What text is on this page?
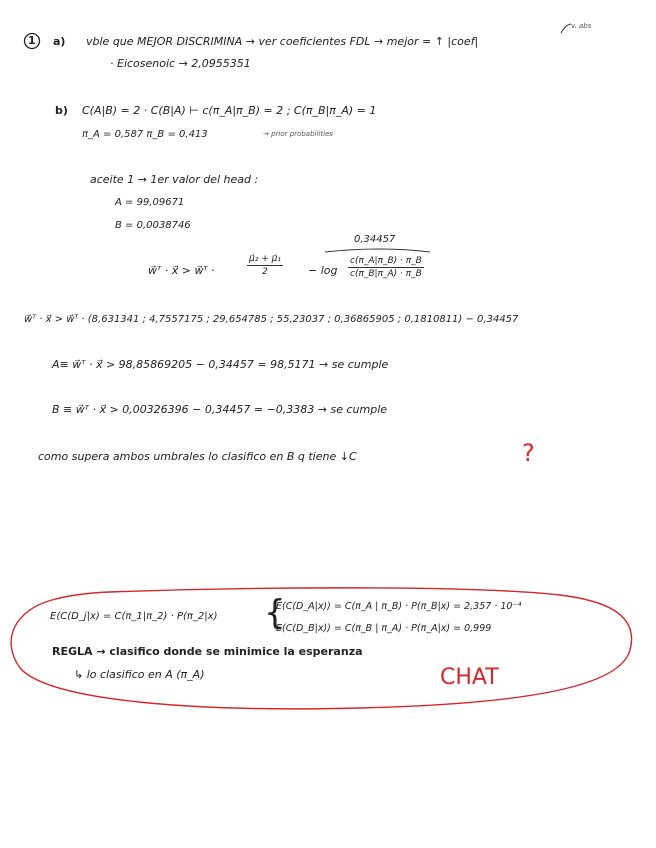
1 a) vble que MEJOR DISCRIMINA → ver coeficientes FDL → mejor = ↑ |coef|
v. abs
· Eicosenoic → 2,0955351
b) C(A|B) = 2 · C(B|A) ⊢ c(π_A|π_B) = 2 ; C(π_B|π_A) = 1
π_A = 0,587 π_B = 0,413	→ prior probabilities
aceite 1 → 1er valor del head :
A = 99,09671
B = 0,0038746
0,34457
w⃗ᵀ · x⃗ > w⃗ᵀ ·	$\frac{\text{μ⃗₂ + μ⃗₁}}{2} - \log \frac{c(\pi\_A|\pi\_B) \cdot \pi\_B}{c(\pi\_B|\pi\_A) \cdot \pi\_B}$
w⃗ᵀ · x⃗ > w⃗ᵀ · (8,631341 ; 4,7557175 ; 29,654785 ; 55,23037 ; 0,36865905 ; 0,1810811) − 0,34457
A≡ w⃗ᵀ · x⃗ > 98,85869205 − 0,34457 = 98,5171 → se cumple
B ≡ w⃗ᵀ · x⃗ > 0,00326396 − 0,34457 = −0,3383 → se cumple
como supera ambos umbrales lo clasifico en B q tiene ↓C	?
E(C(D_j|x) = C(π_1|π_2) · P(π_2|x) {
E(C(D_A|x)) = C(π_A | π_B) · P(π_B|x) = 2,357 · 10⁻⁴
E(C(D_B|x)) = C(π_B | π_A) · P(π_A|x) = 0,999
REGLA → clasifico donde se minimice la esperanza
↳ lo clasifico en A (π_A)	CHAT
